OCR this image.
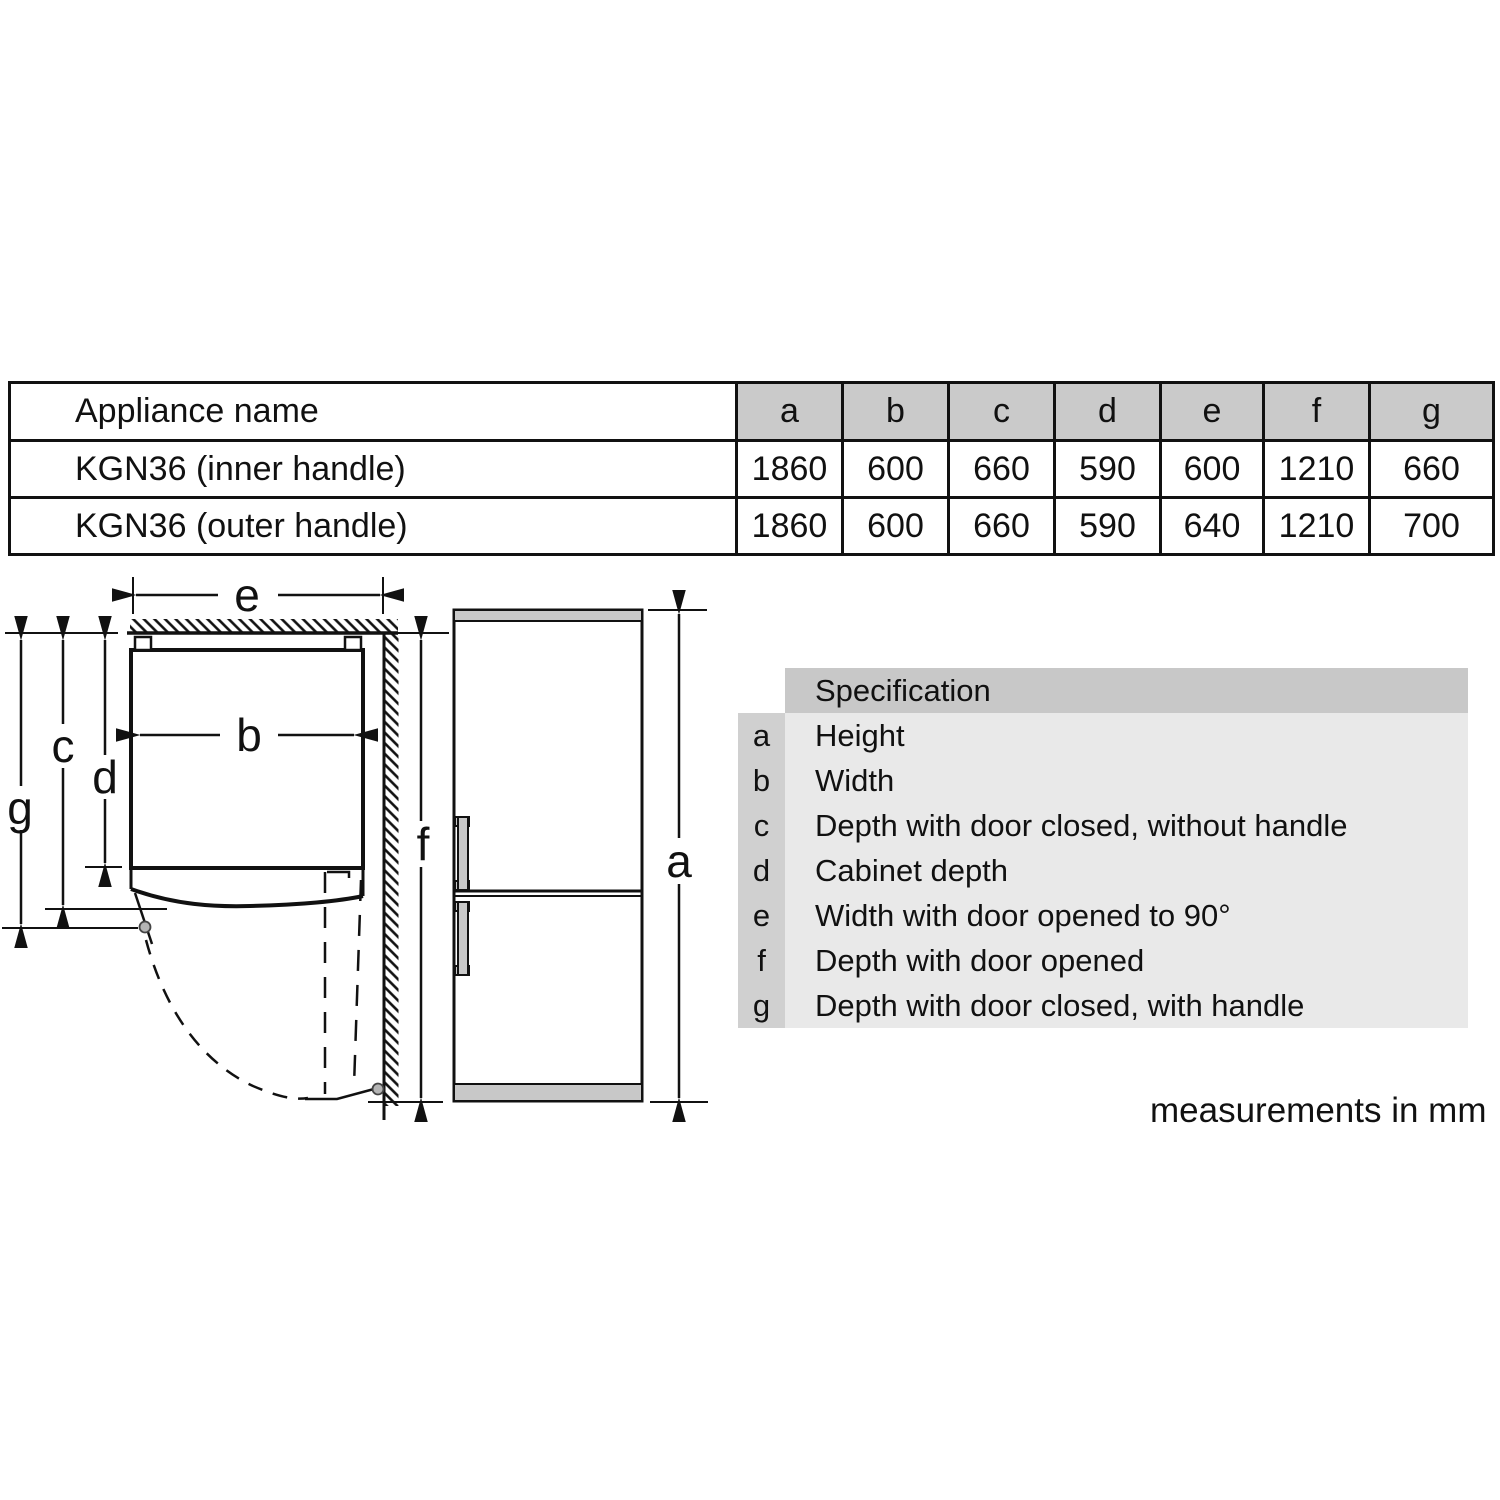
Appliance name	a	b	c	d	e	f	g
KGN36 (inner handle)	1860	600	660	590	600	1210	660
KGN36 (outer handle)	1860	600	660	590	640	1210	700
Specification
a	Height
b	Width
c	Depth with door closed, without handle
d	Cabinet depth
e	Width with door opened to 90°
f	Depth with door opened
g	Depth with door closed, with handle
e
b
g
c
d
f	a
measurements in mm
